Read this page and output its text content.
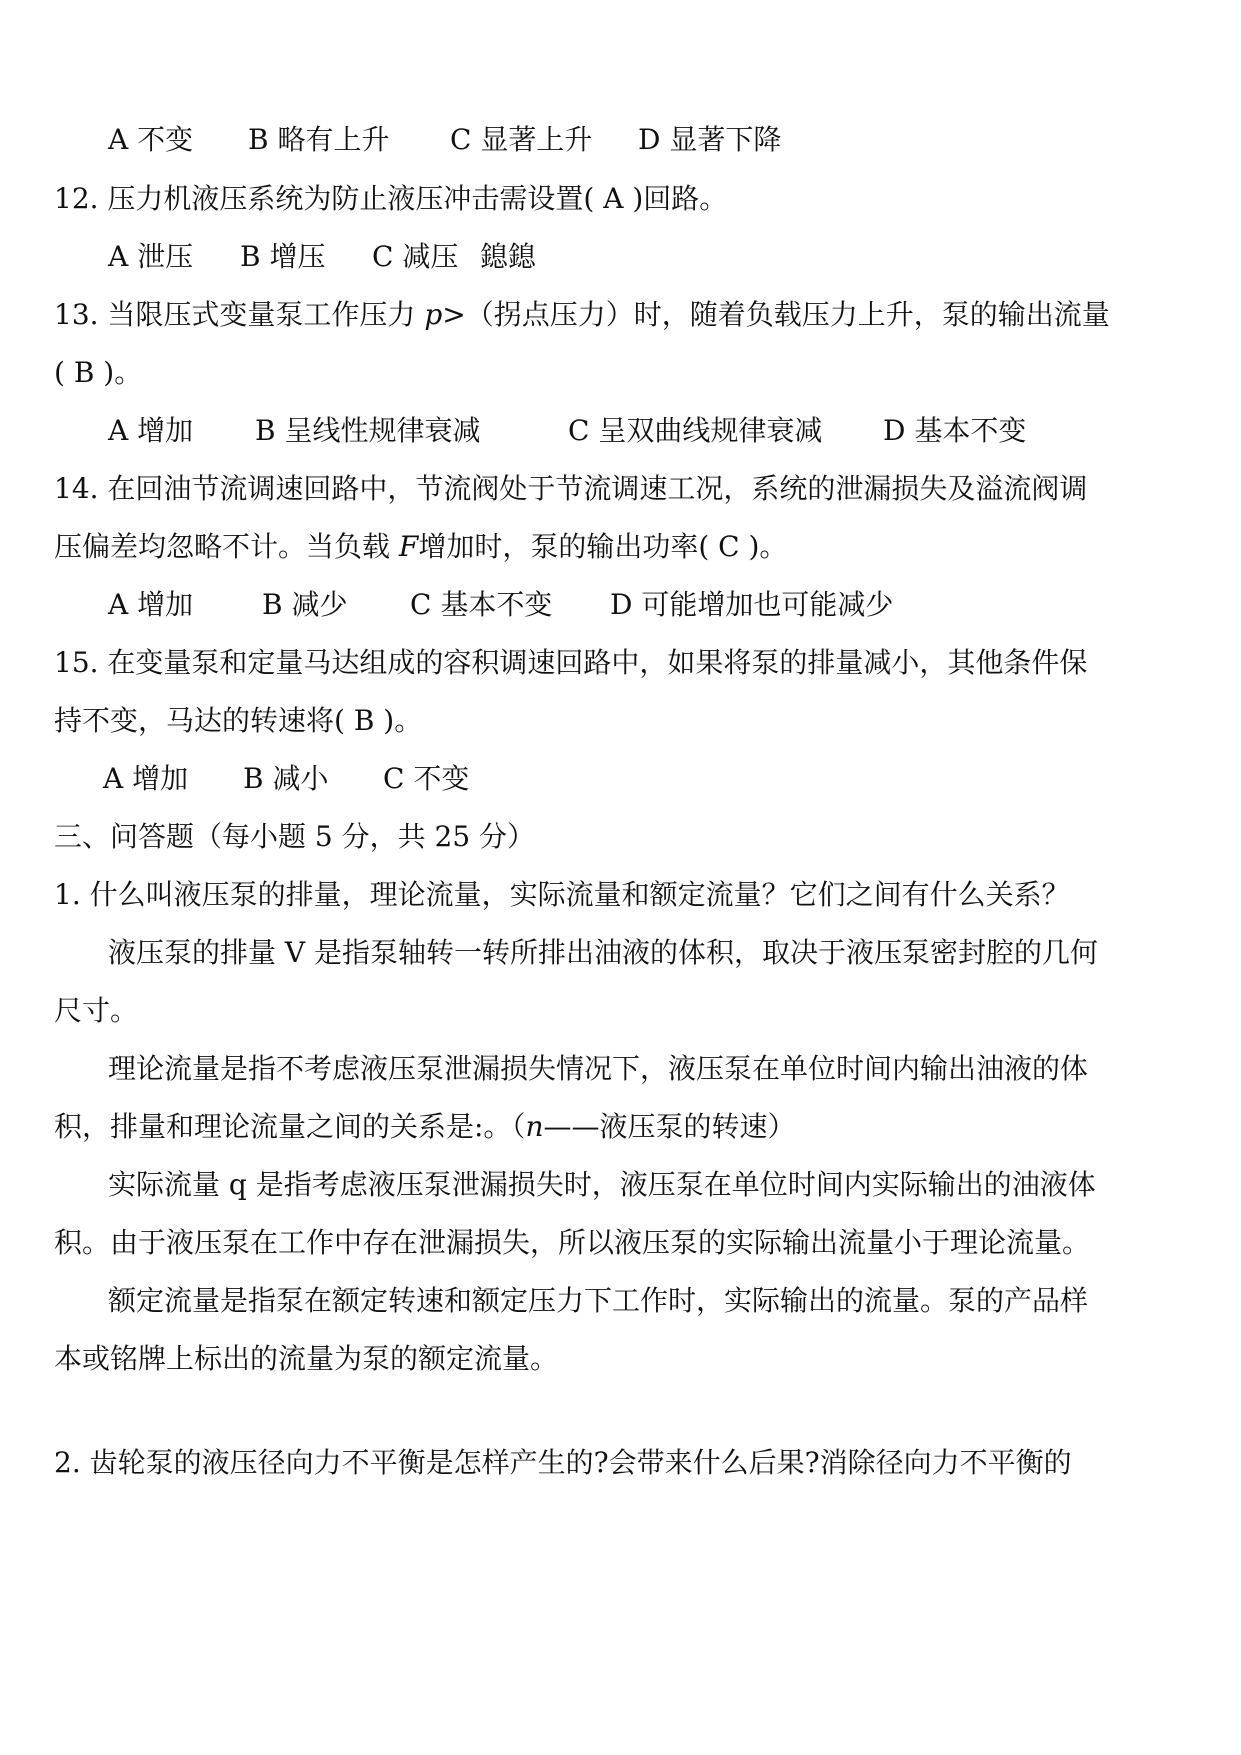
A 不变 B 略有上升 C 显著上升 D 显著下降
12. 压力机液压系统为防止液压冲击需设置( A )回路。
A 泄压 B 增压 C 减压 鎴鎴
13. 当限压式变量泵工作压力 p>（拐点压力）时，随着负载压力上升，泵的输出流量
( B )。
A 增加 B 呈线性规律衰减	C 呈双曲线规律衰减 D 基本不变
14. 在回油节流调速回路中，节流阀处于节流调速工况，系统的泄漏损失及溢流阀调
压偏差均忽略不计。当负载 F增加时，泵的输出功率( C )。
A 增加 B 减少 C 基本不变 D 可能增加也可能减少
15. 在变量泵和定量马达组成的容积调速回路中，如果将泵的排量减小，其他条件保
持不变，马达的转速将( B )。
A 增加 B 减小 C 不变
三、问答题（每小题 5 分，共 25 分）
1. 什么叫液压泵的排量，理论流量，实际流量和额定流量？它们之间有什么关系？
液压泵的排量 V 是指泵轴转一转所排出油液的体积，取决于液压泵密封腔的几何
尺寸。
理论流量是指不考虑液压泵泄漏损失情况下，液压泵在单位时间内输出油液的体
积，排量和理论流量之间的关系是:。（n——液压泵的转速）
实际流量 q 是指考虑液压泵泄漏损失时，液压泵在单位时间内实际输出的油液体
积。由于液压泵在工作中存在泄漏损失，所以液压泵的实际输出流量小于理论流量。
额定流量是指泵在额定转速和额定压力下工作时，实际输出的流量。泵的产品样
本或铭牌上标出的流量为泵的额定流量。
2. 齿轮泵的液压径向力不平衡是怎样产生的?会带来什么后果?消除径向力不平衡的
